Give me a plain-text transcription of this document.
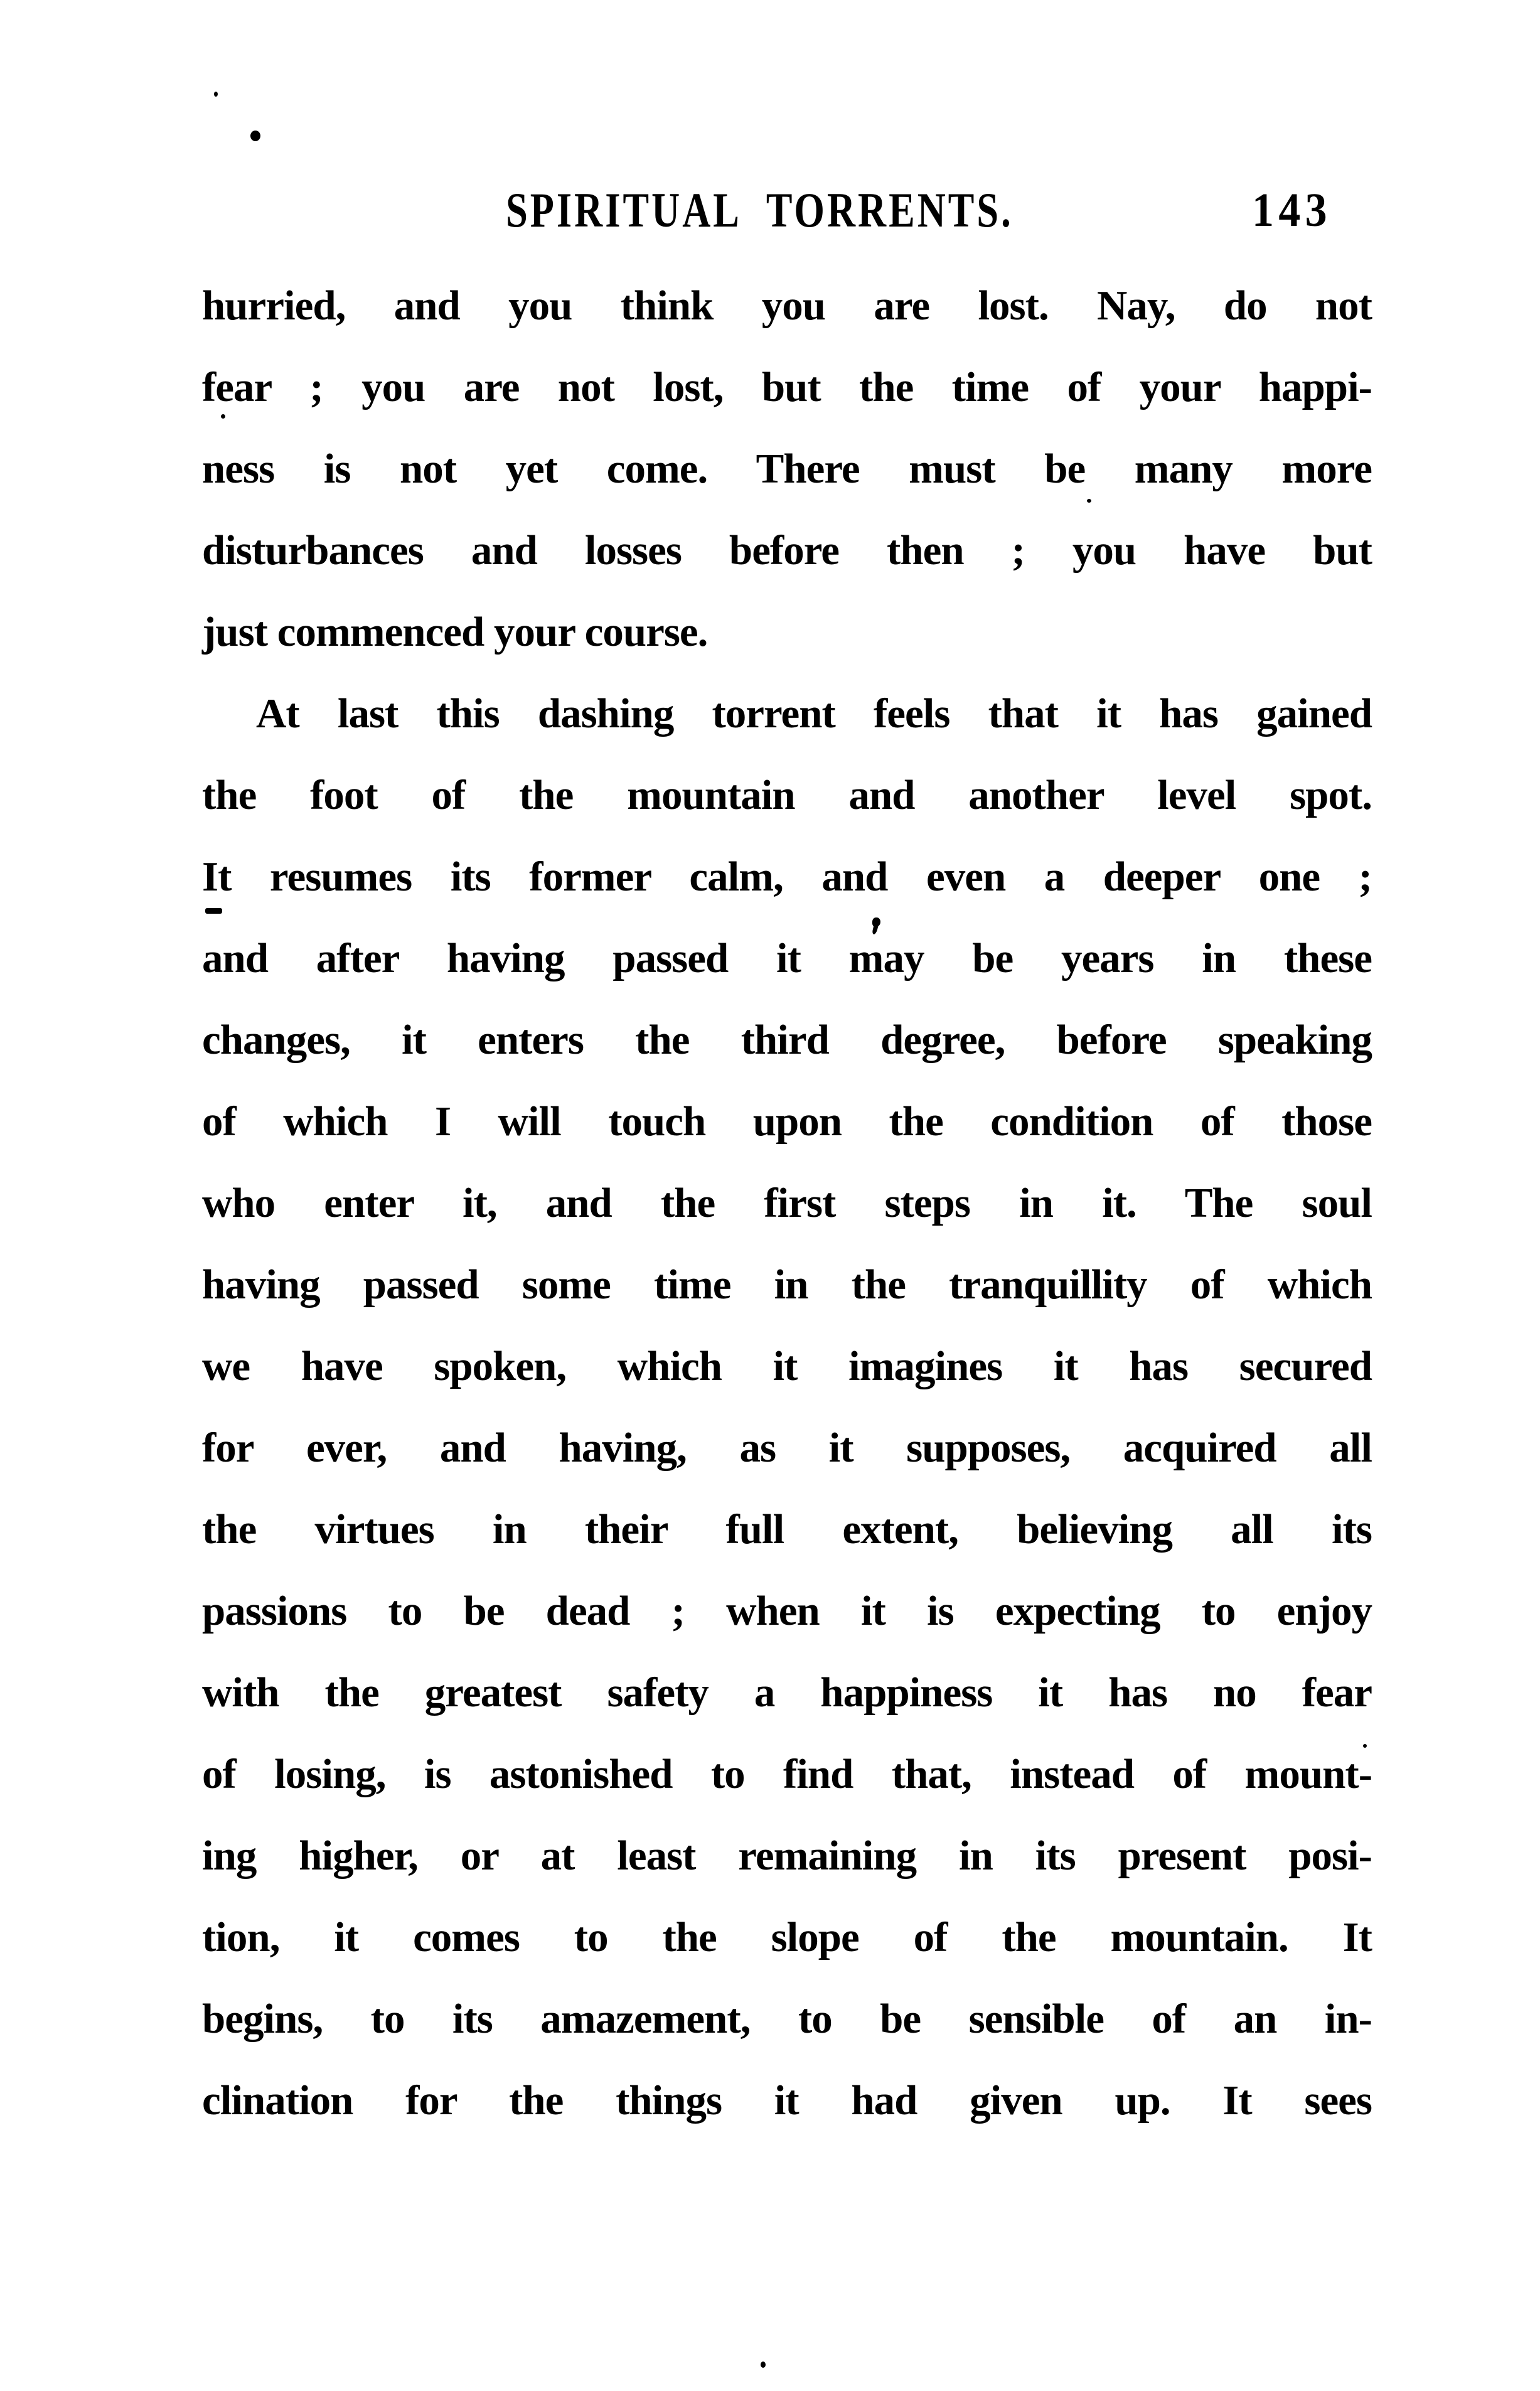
SPIRITUAL TORRENTS.	143
hurried, and you think you are lost. Nay, do not
fear ; you are not lost, but the time of your happi-
ness is not yet come. There must be many more
disturbances and losses before then ; you have but
just commenced your course.
At last this dashing torrent feels that it has gained
the foot of the mountain and another level spot.
It resumes its former calm, and even a deeper one ;
and after having passed it may be years in these
changes, it enters the third degree, before speaking
of which I will touch upon the condition of those
who enter it, and the first steps in it. The soul
having passed some time in the tranquillity of which
we have spoken, which it imagines it has secured
for ever, and having, as it supposes, acquired all
the virtues in their full extent, believing all its
passions to be dead ; when it is expecting to enjoy
with the greatest safety a happiness it has no fear
of losing, is astonished to find that, instead of mount-
ing higher, or at least remaining in its present posi-
tion, it comes to the slope of the mountain. It
begins, to its amazement, to be sensible of an in-
clination for the things it had given up. It sees
